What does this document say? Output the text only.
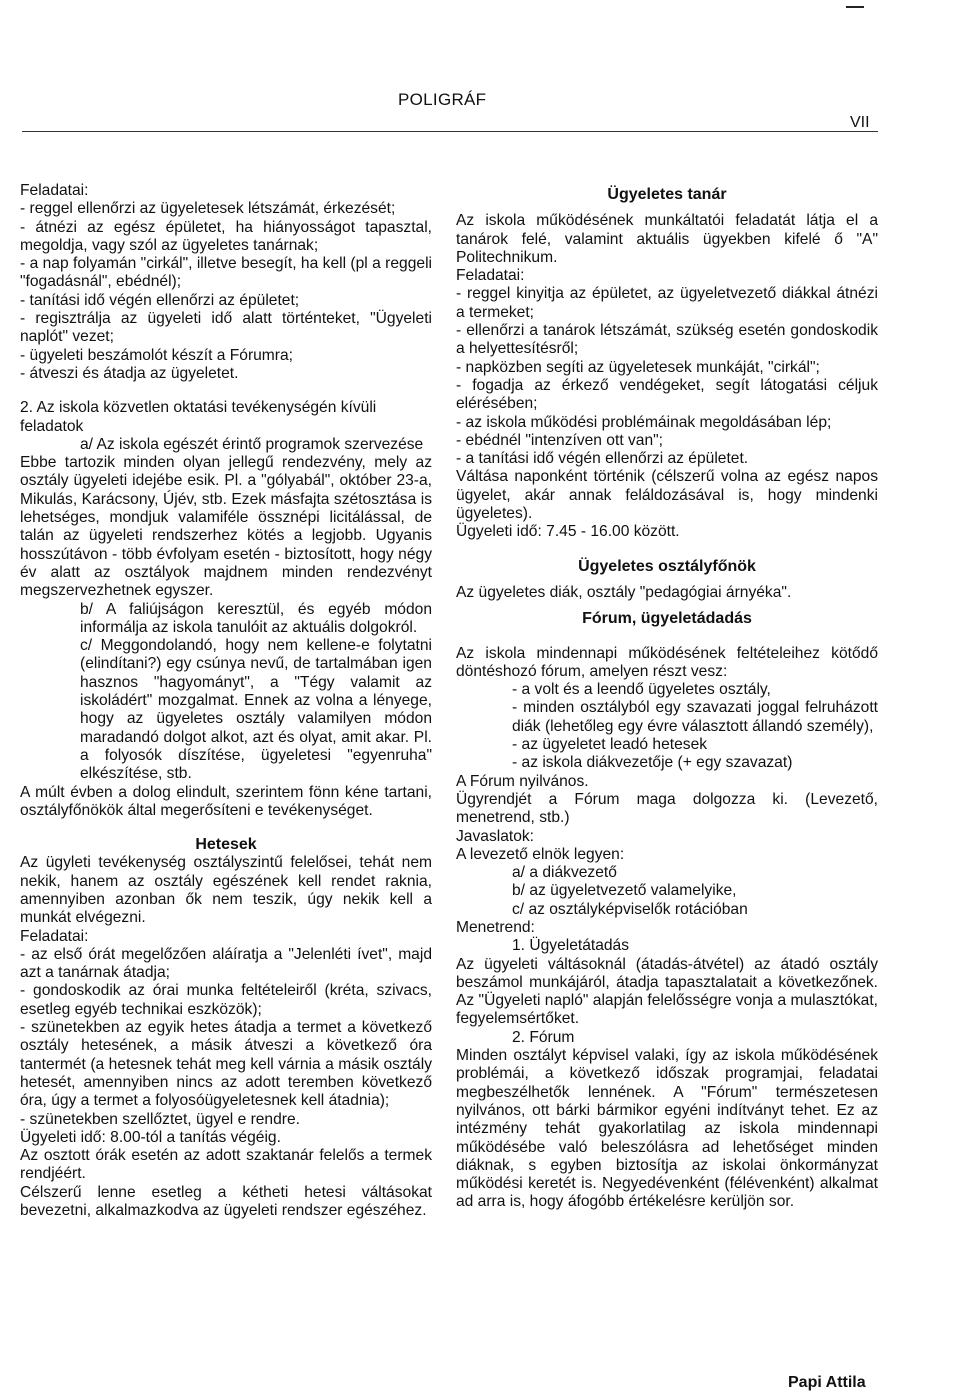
POLIGRÁF
VII

Feladatai:

- reggel ellenőrzi az ügyeletesek létszámát, érkezését;

- átnézi az egész épületet, ha hiányosságot tapasztal, megoldja, vagy szól az ügyeletes tanárnak;

- a nap folyamán "cirkál", illetve besegít, ha kell (pl a reggeli "fogadásnál", ebédnél);

- tanítási idő végén ellenőrzi az épületet;

- regisztrálja az ügyeleti idő alatt történteket, "Ügyeleti naplót" vezet;

- ügyeleti beszámolót készít a Fórumra;

- átveszi és átadja az ügyeletet.

2. Az iskola közvetlen oktatási tevékenységén kívüli feladatok

a/ Az iskola egészét érintő programok szervezése

Ebbe tartozik minden olyan jellegű rendezvény, mely az osztály ügyeleti idejébe esik. Pl. a "gólyabál", október 23-a, Mikulás, Karácsony, Újév, stb. Ezek másfajta szétosztása is lehetséges, mondjuk valamiféle össznépi licitálással, de talán az ügyeleti rendszerhez kötés a legjobb. Ugyanis hosszútávon - több évfolyam esetén - biztosított, hogy négy év alatt az osztályok majdnem minden rendezvényt megszervezhetnek egyszer.

b/ A faliújságon keresztül, és egyéb módon informálja az iskola tanulóit az aktuális dolgokról.

c/ Meggondolandó, hogy nem kellene-e folytatni (elindítani?) egy csúnya nevű, de tartalmában igen hasznos "hagyományt", a "Tégy valamit az iskoládért" mozgalmat. Ennek az volna a lényege, hogy az ügyeletes osztály valamilyen módon maradandó dolgot alkot, azt és olyat, amit akar. Pl. a folyosók díszítése, ügyeletesi "egyenruha" elkészítése, stb.

A múlt évben a dolog elindult, szerintem fönn kéne tartani, osztályfőnökök által megerősíteni e tevékenységet.

Hetesek

Az ügyleti tevékenység osztályszintű felelősei, tehát nem nekik, hanem az osztály egészének kell rendet raknia, amennyiben azonban ők nem teszik, úgy nekik kell a munkát elvégezni.

Feladatai:

- az első órát megelőzően aláíratja a "Jelenléti ívet", majd azt a tanárnak átadja;

- gondoskodik az órai munka feltételeiről (kréta, szivacs, esetleg egyéb technikai eszközök);

- szünetekben az egyik hetes átadja a termet a következő osztály hetesének, a másik átveszi a következő óra tantermét (a hetesnek tehát meg kell várnia a másik osztály hetesét, amennyiben nincs az adott teremben következő óra, úgy a termet a folyosóügyeletesnek kell átadnia);

- szünetekben szellőztet, ügyel e rendre.

Ügyeleti idő: 8.00-tól a tanítás végéig.

Az osztott órák esetén az adott szaktanár felelős a termek rendjéért.

Célszerű lenne esetleg a kétheti hetesi váltásokat bevezetni, alkalmazkodva az ügyeleti rendszer egészéhez.

Ügyeletes tanár

Az iskola működésének munkáltatói feladatát látja el a tanárok felé, valamint aktuális ügyekben kifelé ő "A" Politechnikum.

Feladatai:

- reggel kinyitja az épületet, az ügyeletvezető diákkal átnézi a termeket;

- ellenőrzi a tanárok létszámát, szükség esetén gondoskodik a helyettesítésről;

- napközben segíti az ügyeletesek munkáját, "cirkál";

- fogadja az érkező vendégeket, segít látogatási céljuk elérésében;

- az iskola működési problémáinak megoldásában lép;

- ebédnél "intenzíven ott van";

- a tanítási idő végén ellenőrzi az épületet.

Váltása naponként történik (célszerű volna az egész napos ügyelet, akár annak feláldozásával is, hogy mindenki ügyeletes).

Ügyeleti idő: 7.45 - 16.00 között.

Ügyeletes osztályfőnök

Az ügyeletes diák, osztály "pedagógiai árnyéka".

Fórum, ügyeletádadás

Az iskola mindennapi működésének feltételeihez kötődő döntéshozó fórum, amelyen részt vesz:

- a volt és a leendő ügyeletes osztály,

- minden osztályból egy szavazati joggal felruházott diák (lehetőleg egy évre választott állandó személy),

- az ügyeletet leadó hetesek

- az iskola diákvezetője (+ egy szavazat)

A Fórum nyilvános.

Ügyrendjét a Fórum maga dolgozza ki. (Levezető, menetrend, stb.)

Javaslatok:

A levezető elnök legyen:

a/ a diákvezető

b/ az ügyeletvezető valamelyike,

c/ az osztályképviselők rotációban

Menetrend:

1. Ügyeletátadás

Az ügyeleti váltásoknál (átadás-átvétel) az átadó osztály beszámol munkájáról, átadja tapasztalatait a következőnek. Az "Ügyeleti napló" alapján felelősségre vonja a mulasztókat, fegyelemsértőket.

2. Fórum

Minden osztályt képvisel valaki, így az iskola működésének problémái, a következő időszak programjai, feladatai megbeszélhetők lennének. A "Fórum" természetesen nyilvános, ott bárki bármikor egyéni indítványt tehet. Ez az intézmény tehát gyakorlatilag az iskola mindennapi működésébe való beleszólásra ad lehetőséget minden diáknak, s egyben biztosítja az iskolai önkormányzat működési keretét is. Negyedévenként (félévenként) alkalmat ad arra is, hogy áfogóbb értékelésre kerüljön sor.

Papi Attila
